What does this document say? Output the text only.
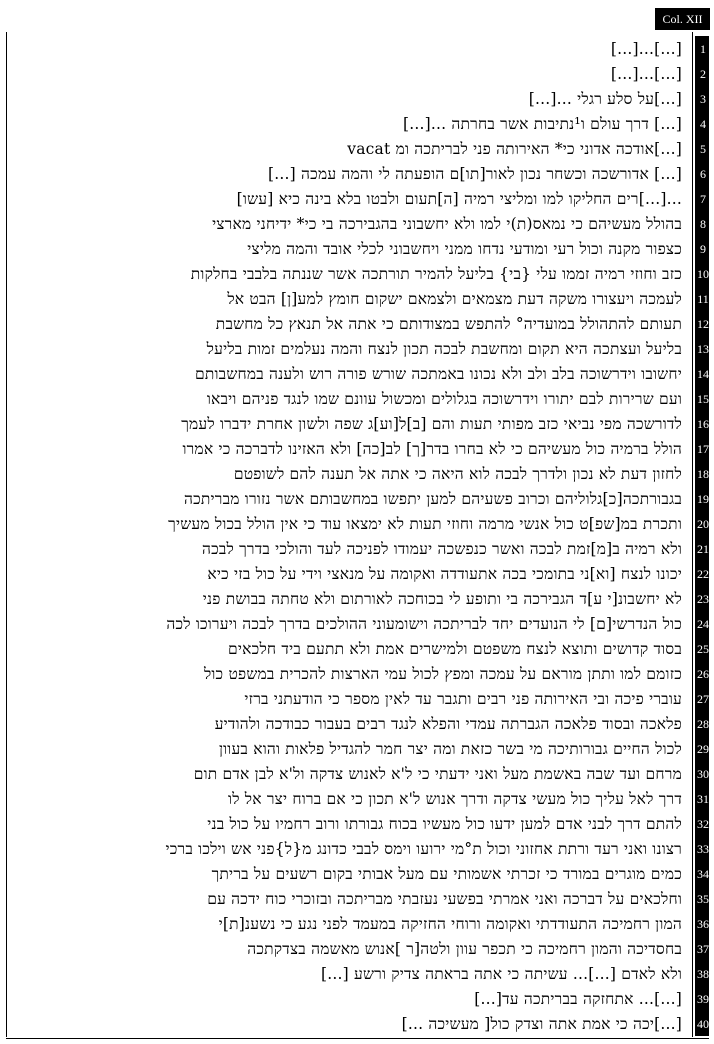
Col. XII
[...]...[...]	1
[...]...[...]	2
[...]על סלע רגלי ...[...]	3
[...] דרך עולם ו¹נתיבות אשר בחרתה ...[...]	4
vacat אודכה אדוני כי* האירותה פני לבריתכה ומ[...]	5
[...] אדורשכה וכשחר נכון לאור[תו]ם הופעתה לי והמה עמכה [...]	6
...[...]רים החליקו למו ומליצי רמיה [ה]תעום ולבטו בלא בינה כיא [עשו]	7
בהולל מעשיהם כי נמאס(ת)י למו ולא יחשבוני בהגבירכה בי כי* ידיחני מארצי	8
כצפור מקנה וכול רעי ומודעי נדחו ממני ויחשבוני לכלי אובד והמה מליצי	9
כזב וחוזי רמיה זממו עלי {בי} בליעל להמיר תורתכה אשר שננתה בלבבי בחלקות 10
לעמכה ויעצורו משקה דעת מצמאים ולצמאם ישקום חומץ למע[ן] הבט אל 11
תעותם להתהולל במועדיה° להתפש במצודותם כי אתה אל תנאץ כל מחשבת 12
בליעל ועצתכה היא תקום ומחשבת לבכה תכון לנצח והמה נעלמים זמות בליעל 13
יחשובו וידרשוכה בלב ולב ולא נכונו באמתכה שורש פורה רוש ולענה במחשבותם 14
ועם שרירות לבם יתורו וידרשוכה בגלולים ומכשול עוונם שמו לנגד פניהם ויבאו 15
לדורשכה מפי נביאי כזב מפותי תעות והם [ב]ל[וע]ג שפה ולשון אחרת ידברו לעמך 16
הולל ברמיה כול מעשיהם כי לא בחרו בדר[ך] לב[כה] ולא האזינו לדברכה כי אמרו 17
לחזון דעת לא נכון ולדרך לבכה לוא היאה כי אתה אל תענה להם לשופטם 18
בגבורתכה[כ]גלוליהם וכרוב פשעיהם למען יתפשו במחשבותם אשר נזורו מבריתכה 19
ותכרת במ[שפ]ט כול אנשי מרמה וחוזי תעות לא ימצאו עוד כי אין הולל בכול מעשיך 20
ולא רמיה ב[מ]זמת לבכה ואשר כנפשכה יעמודו לפניכה לעד והולכי בדרך לבכה 21
יכונו לנצח [וא]ני בתומכי בכה אתעודדה ואקומה על מנאצי וידי על כול בזי כיא 22
לא יחשבונ[י ע]ד הגבירכה בי ותופע לי בכוחכה לאורתום ולא טחתה בבושת פני 23
כול הנדרשי[ם] לי הנועדים יחד לבריתכה וישומעוני ההולכים בדרך לבכה ויערוכו לכה 24
בסוד קדושים ותוצא לנצח משפטם ולמישרים אמת ולא תתעם ביד חלכאים 25
כזומם למו ותתן מוראם על עמכה ומפץ לכול עמי הארצות להכרית במשפט כול 26
עוברי פיכה ובי האירותה פני רבים ותגבר עד לאין מספר כי הודעתני ברזי 27
פלאכה ובסוד פלאכה הגברתה עמדי והפלא לנגד רבים בעבור כבודכה ולהודיע 28
לכול החיים גבורותיכה מי בשר כזאת ומה יצר חמר להגדיל פלאות והוא בעוון 29
מרחם ועד שבה באשמת מעל ואני ידעתי כי ל'א לאנוש צדקה ול'א לבן אדם תום 30
דרך לאל עליך כול מעשי צדקה ודרך אנוש ל'א תכון כי אם ברוח יצר אל לו 31
להתם דרך לבני אדם למען ידעו כול מעשיו בכוח גבורתו ורוב רחמיו על כול בני 32
רצונו ואני רעד ורתת אחזוני וכול ת°מי ירועו וימס לבבי כדונג מ{ל}פני אש וילכו ברכי 33
כמים מוגרים במורד כי זכרתי אשמותי עם מעל אבותי בקום רשעים על בריתך 34
וחלכאים על דברכה ואני אמרתי בפשעי נעזבתי מבריתכה ובזוכרי כוח ידכה עם 35
המון רחמיכה התעודדתי ואקומה ורוחי החזיקה במעמד לפני נגע כי נשענ[ת]י 36
בחסדיכה והמון רחמיכה כי תכפר עוון ולטה[ר ]אנוש מאשמה בצדקתכה 37
ולא לאדם [...]... עשיתה כי אתה בראתה צדיק ורשע [...] 38
[...]... אתחזקה בבריתכה עד[...] 39
[...]יכה כי אמת אתה וצדק כול[ מעשיכה ...] 40
